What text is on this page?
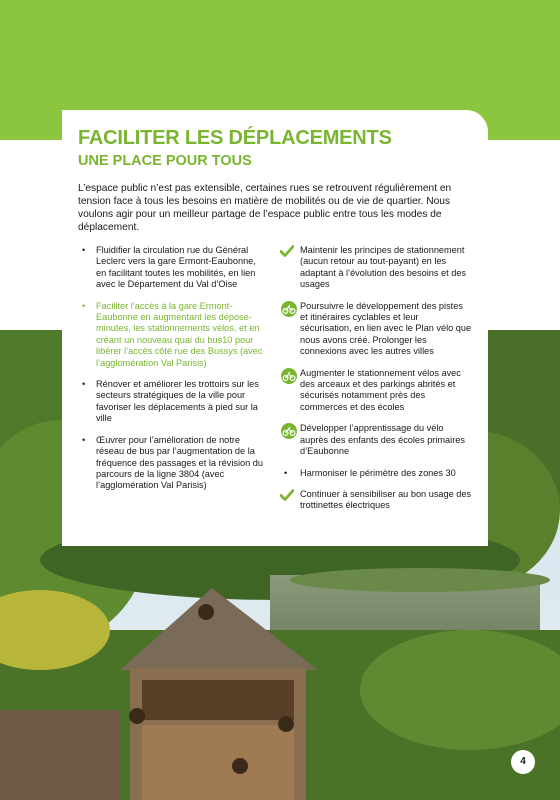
FACILITER LES DÉPLACEMENTS
UNE PLACE POUR TOUS

L’espace public n’est pas extensible, certaines rues se retrouvent régulièrement en tension face à tous les besoins en matière de mobilités ou de vie de quartier. Nous voulons agir pour un meilleur partage de l’espace public entre tous les modes de déplacement.

•	Fluidifier la circulation rue du Général Leclerc vers la gare Ermont-Eaubonne, en facilitant toutes les mobilités, en lien avec le Département du Val d’Oise
•	Faciliter l’accès à la gare Ermont-Eaubonne en augmentant les dépose-minutes, les stationnements vélos, et en créant un nouveau quai du bus10 pour libérer l’accès côté rue des Bussys (avec l’agglomération Val Parisis)
•	Rénover et améliorer les trottoirs sur les secteurs stratégiques de la ville pour favoriser les déplacements à pied sur la ville
•	Œuvrer pour l’amélioration de notre réseau de bus par l’augmentation de la fréquence des passages et la révision du parcours de la ligne 3804 (avec l’agglomération Val Parisis)
Maintenir les principes de stationnement (aucun retour au tout-payant) en les adaptant à l’évolution des besoins et des usages
Poursuivre le développement des pistes et itinéraires cyclables et leur sécurisation, en lien avec le Plan vélo que nous avons créé. Prolonger les connexions avec les autres villes
Augmenter le stationnement vélos avec des arceaux et des parkings abrités et sécurisés notamment près des commerces et des écoles
Développer l’apprentissage du vélo auprès des enfants des écoles primaires d’Eaubonne
•	Harmoniser le périmètre des zones 30
Continuer à sensibiliser au bon usage des trottinettes électriques
4
